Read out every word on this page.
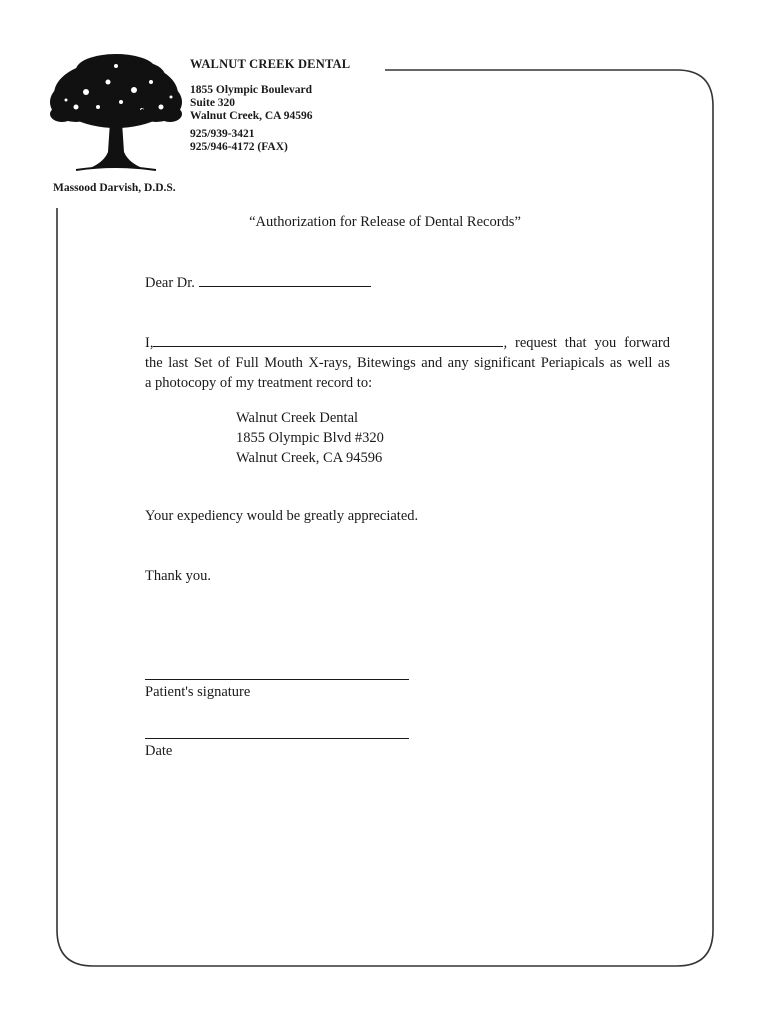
WALNUT CREEK DENTAL
1855 Olympic Boulevard
Suite 320
Walnut Creek, CA 94596
925/939-3421
925/946-4172 (FAX)
Massood Darvish, D.D.S.
“Authorization for Release of Dental Records”
Dear Dr.
I,	, request that you forward
the last Set of Full Mouth X-rays, Bitewings and any significant Periapicals as well as
a photocopy of my treatment record to:
Walnut Creek Dental
1855 Olympic Blvd #320
Walnut Creek, CA 94596
Your expediency would be greatly appreciated.
Thank you.
Patient's signature
Date
